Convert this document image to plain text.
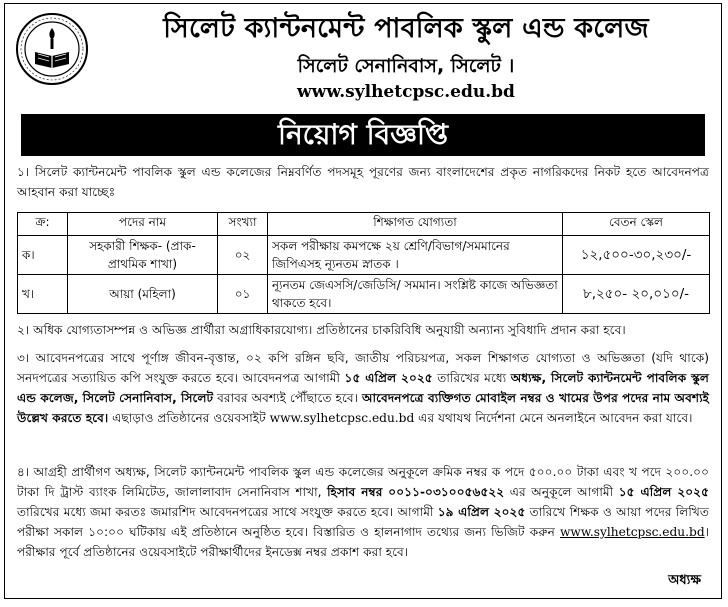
সিলেট ক্যান্টনমেন্ট পাবলিক স্কুল এন্ড কলেজ
সিলেট সেনানিবাস, সিলেট ।
www.sylhetcpsc.edu.bd
নিয়োগ বিজ্ঞপ্তি
১। সিলেট ক্যান্টনমেন্ট পাবলিক স্কুল এন্ড কলেজের নিম্নবর্ণিত পদসমূহ পূরণের জন্য বাংলাদেশের প্রকৃত নাগরিকদের নিকট হতে আবেদনপত্র আহবান করা যাচ্ছেঃ
ক্র:	পদের নাম	সংখ্যা	শিক্ষাগত যোগ্যতা	বেতন স্কেল
ক।	সহকারী শিক্ষক- (প্রাক-প্রাথমিক শাখা)	০২	সকল পরীক্ষায় কমপক্ষে ২য় শ্রেণি/বিভাগ/সমমানের জিপিএসহ ন্যূনতম স্নাতক ।	১২,৫০০-৩০,২৩০/-
খ।	আয়া (মহিলা)	০১	ন্যূনতম জেএসসি/জেডিসি/ সমমান। সংশ্লিষ্ট কাজে অভিজ্ঞতা থাকতে হবে।	৮,২৫০- ২০,০১০/-
২। অধিক যোগ্যতাসম্পন্ন ও অভিজ্ঞ প্রার্থীরা অগ্রাধিকারযোগ্য। প্রতিষ্ঠানের চাকরিবিধি অনুযায়ী অন্যান্য সুবিধাদি প্রদান করা হবে।
৩। আবেদনপত্রের সাথে পূর্ণাঙ্গ জীবন-বৃত্তান্ত, ০২ কপি রঙ্গিন ছবি, জাতীয় পরিচয়পত্র, সকল শিক্ষাগত যোগ্যতা ও অভিজ্ঞতা (যদি থাকে) সনদপত্রের সত্যায়িত কপি সংযুক্ত করতে হবে। আবেদনপত্র আগামী ১৫ এপ্রিল ২০২৫ তারিখের মধ্যে অধ্যক্ষ, সিলেট ক্যান্টনমেন্ট পাবলিক স্কুল এন্ড কলেজ, সিলেট সেনানিবাস, সিলেট বরাবর অবশ্যই পৌঁছাতে হবে। আবেদনপত্রে ব্যক্তিগত মোবাইল নম্বর ও খামের উপর পদের নাম অবশ্যই উল্লেখ করতে হবে। এছাড়াও প্রতিষ্ঠানের ওয়েবসাইট www.sylhetcpsc.edu.bd এর যথাযথ নির্দেশনা মেনে অনলাইনে আবেদন করা যাবে।
৪। আগ্রহী প্রার্থীগণ অধ্যক্ষ, সিলেট ক্যান্টনমেন্ট পাবলিক স্কুল এন্ড কলেজের অনুকূলে ক্রমিক নম্বর ক পদে ৫০০.০০ টাকা এবং খ পদে ২০০.০০ টাকা দি ট্রাস্ট ব্যাংক লিমিটেড, জালালাবাদ সেনানিবাস শাখা, হিসাব নম্বর ০০১১-০৩১০০৫৬৫২২ এর অনুকূলে আগামী ১৫ এপ্রিল ২০২৫ তারিখের মধ্যে জমা করতঃ জমারশিদ আবেদনপত্রের সাথে সংযুক্ত করতে হবে। আগামী ১৯ এপ্রিল ২০২৫ তারিখে শিক্ষক ও আয়া পদের লিখিত পরীক্ষা সকাল ১০:০০ ঘটিকায় এই প্রতিষ্ঠানে অনুষ্ঠিত হবে। বিস্তারিত ও হালনাগাদ তথ্যের জন্য ভিজিট করুন www.sylhetcpsc.edu.bd। পরীক্ষার পূর্বে প্রতিষ্ঠানের ওয়েবসাইটে পরীক্ষার্থীদের ইনডেক্স নম্বর প্রকাশ করা হবে।
অধ্যক্ষ
